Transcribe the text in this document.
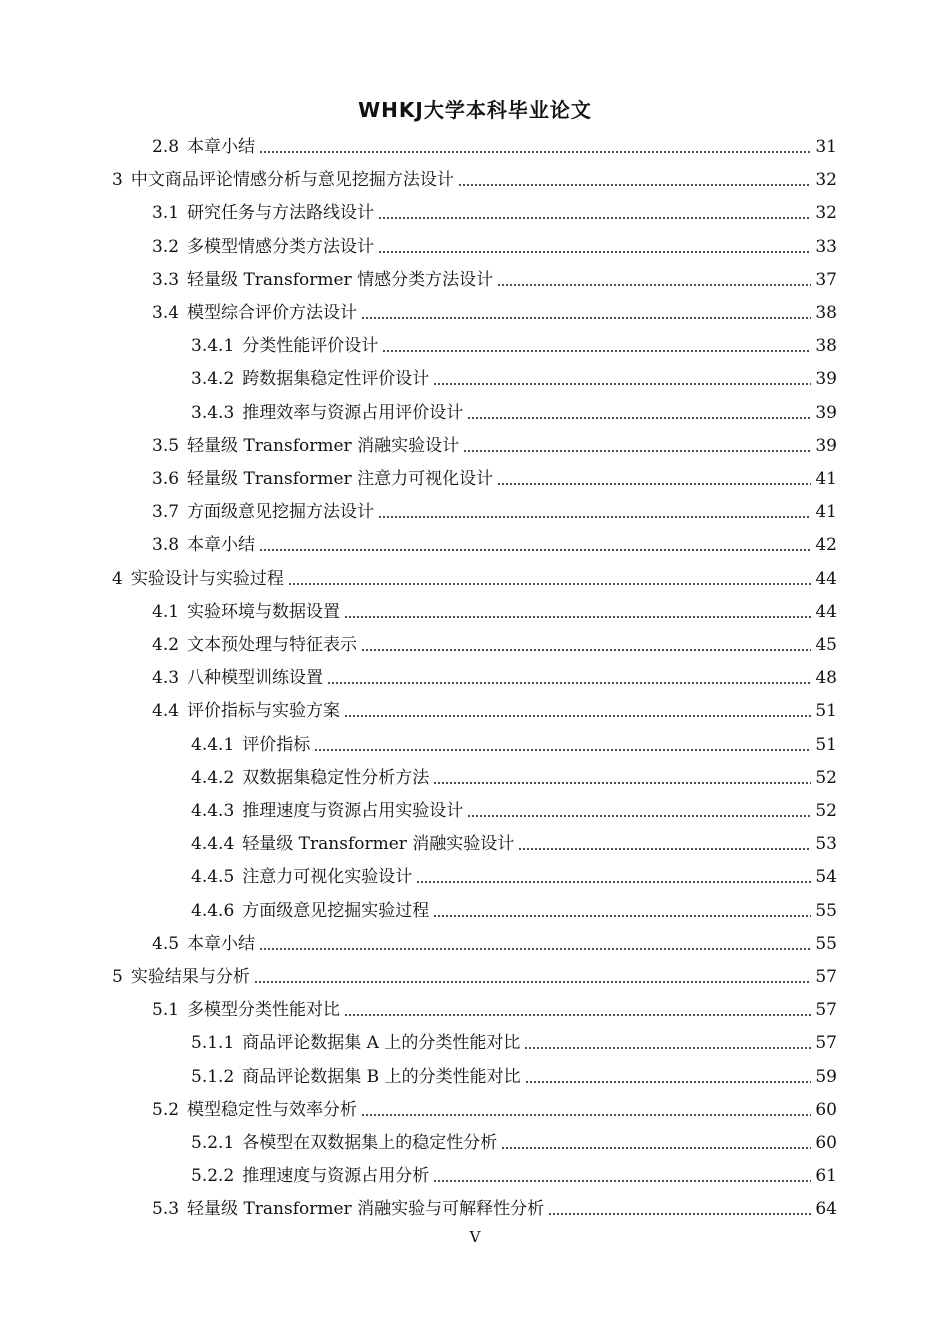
WHKJ大学本科毕业论文
2.8 本章小结	31
3 中文商品评论情感分析与意见挖掘方法设计	32
3.1 研究任务与方法路线设计	32
3.2 多模型情感分类方法设计	33
3.3 轻量级 Transformer 情感分类方法设计	37
3.4 模型综合评价方法设计	38
3.4.1 分类性能评价设计	38
3.4.2 跨数据集稳定性评价设计	39
3.4.3 推理效率与资源占用评价设计	39
3.5 轻量级 Transformer 消融实验设计	39
3.6 轻量级 Transformer 注意力可视化设计	41
3.7 方面级意见挖掘方法设计	41
3.8 本章小结	42
4 实验设计与实验过程	44
4.1 实验环境与数据设置	44
4.2 文本预处理与特征表示	45
4.3 八种模型训练设置	48
4.4 评价指标与实验方案	51
4.4.1 评价指标	51
4.4.2 双数据集稳定性分析方法	52
4.4.3 推理速度与资源占用实验设计	52
4.4.4 轻量级 Transformer 消融实验设计	53
4.4.5 注意力可视化实验设计	54
4.4.6 方面级意见挖掘实验过程	55
4.5 本章小结	55
5 实验结果与分析	57
5.1 多模型分类性能对比	57
5.1.1 商品评论数据集 A 上的分类性能对比	57
5.1.2 商品评论数据集 B 上的分类性能对比	59
5.2 模型稳定性与效率分析	60
5.2.1 各模型在双数据集上的稳定性分析	60
5.2.2 推理速度与资源占用分析	61
5.3 轻量级 Transformer 消融实验与可解释性分析	64
V
